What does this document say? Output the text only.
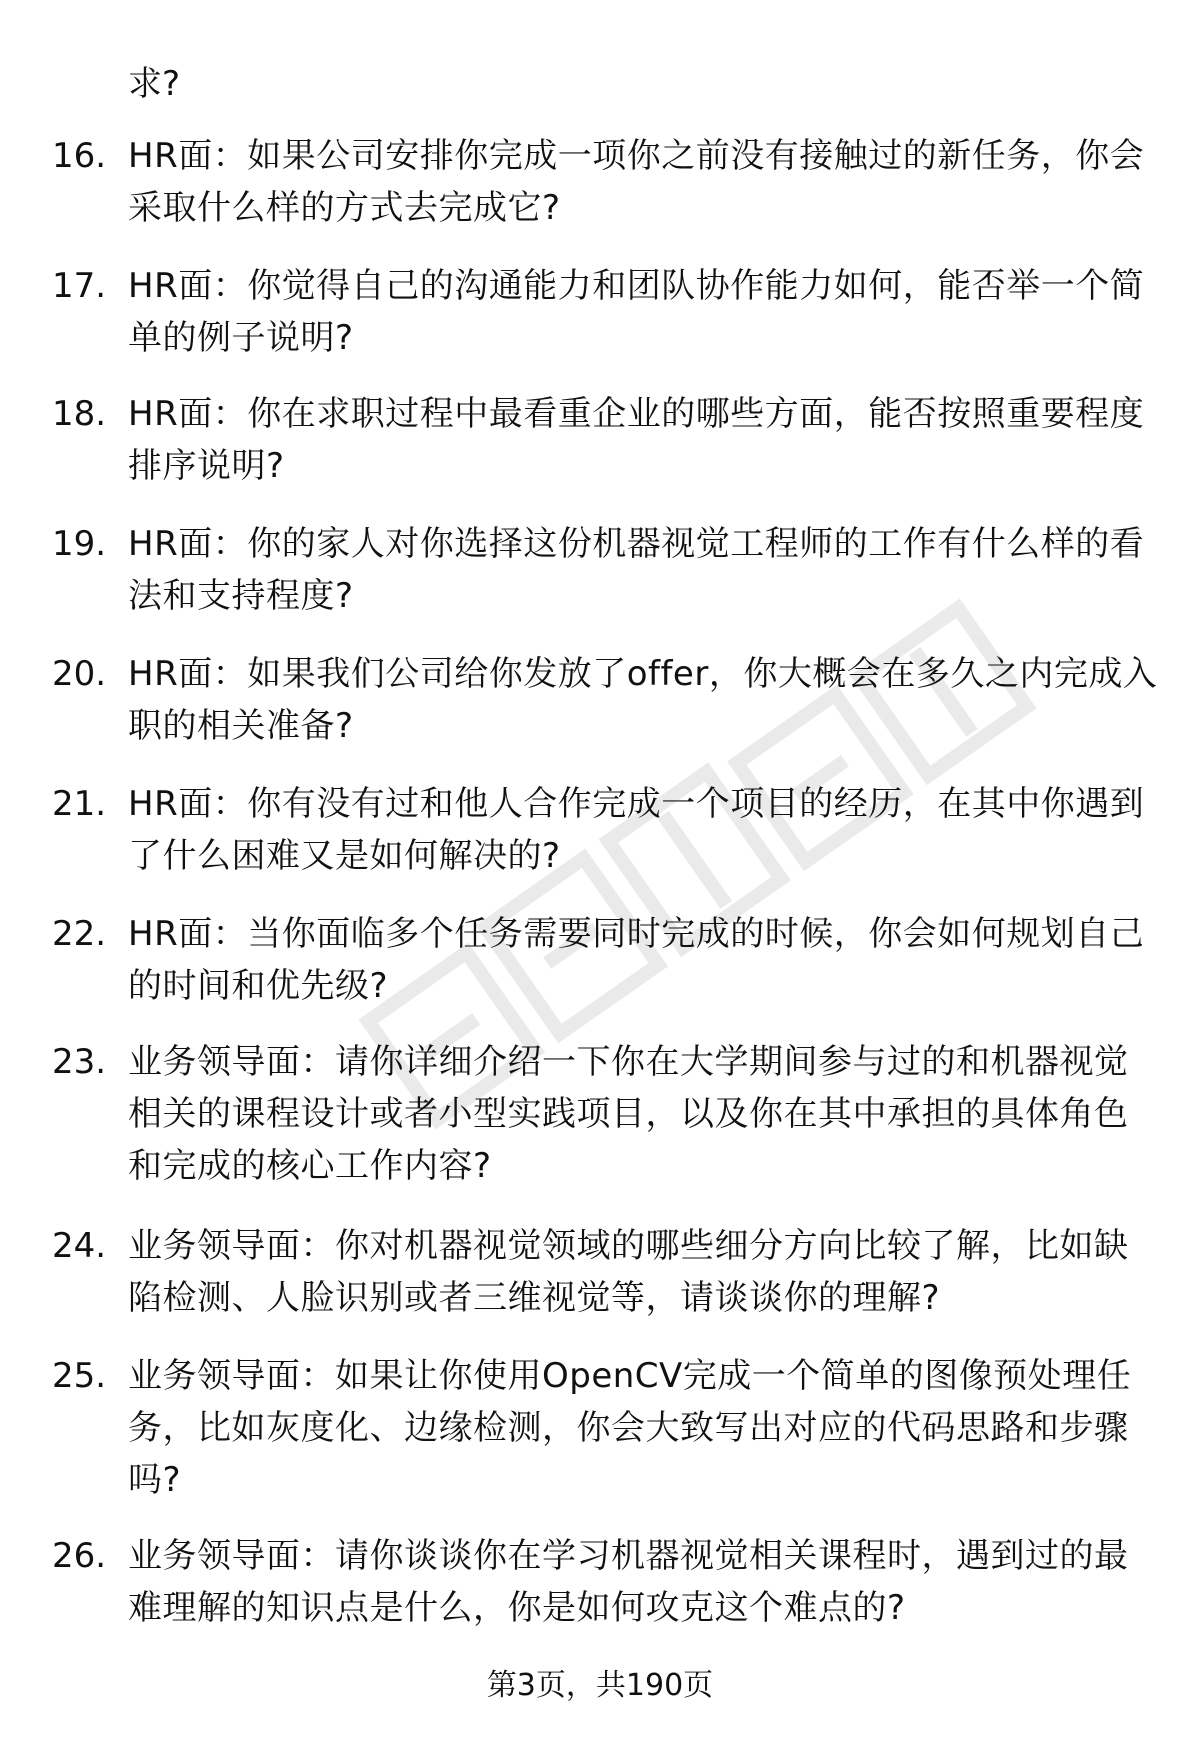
求?
16. HR面：如果公司安排你完成一项你之前没有接触过的新任务，你会采取什么样的方式去完成它?
17. HR面：你觉得自己的沟通能力和团队协作能力如何，能否举一个简单的例子说明?
18. HR面：你在求职过程中最看重企业的哪些方面，能否按照重要程度排序说明?
19. HR面：你的家人对你选择这份机器视觉工程师的工作有什么样的看法和支持程度?
20. HR面：如果我们公司给你发放了offer，你大概会在多久之内完成入职的相关准备?
21. HR面：你有没有过和他人合作完成一个项目的经历，在其中你遇到了什么困难又是如何解决的?
22. HR面：当你面临多个任务需要同时完成的时候，你会如何规划自己的时间和优先级?
23. 业务领导面：请你详细介绍一下你在大学期间参与过的和机器视觉相关的课程设计或者小型实践项目，以及你在其中承担的具体角色和完成的核心工作内容?
24. 业务领导面：你对机器视觉领域的哪些细分方向比较了解，比如缺陷检测、人脸识别或者三维视觉等，请谈谈你的理解?
25. 业务领导面：如果让你使用OpenCV完成一个简单的图像预处理任务，比如灰度化、边缘检测，你会大致写出对应的代码思路和步骤吗?
26. 业务领导面：请你谈谈你在学习机器视觉相关课程时，遇到过的最难理解的知识点是什么，你是如何攻克这个难点的?
第3页，共190页
